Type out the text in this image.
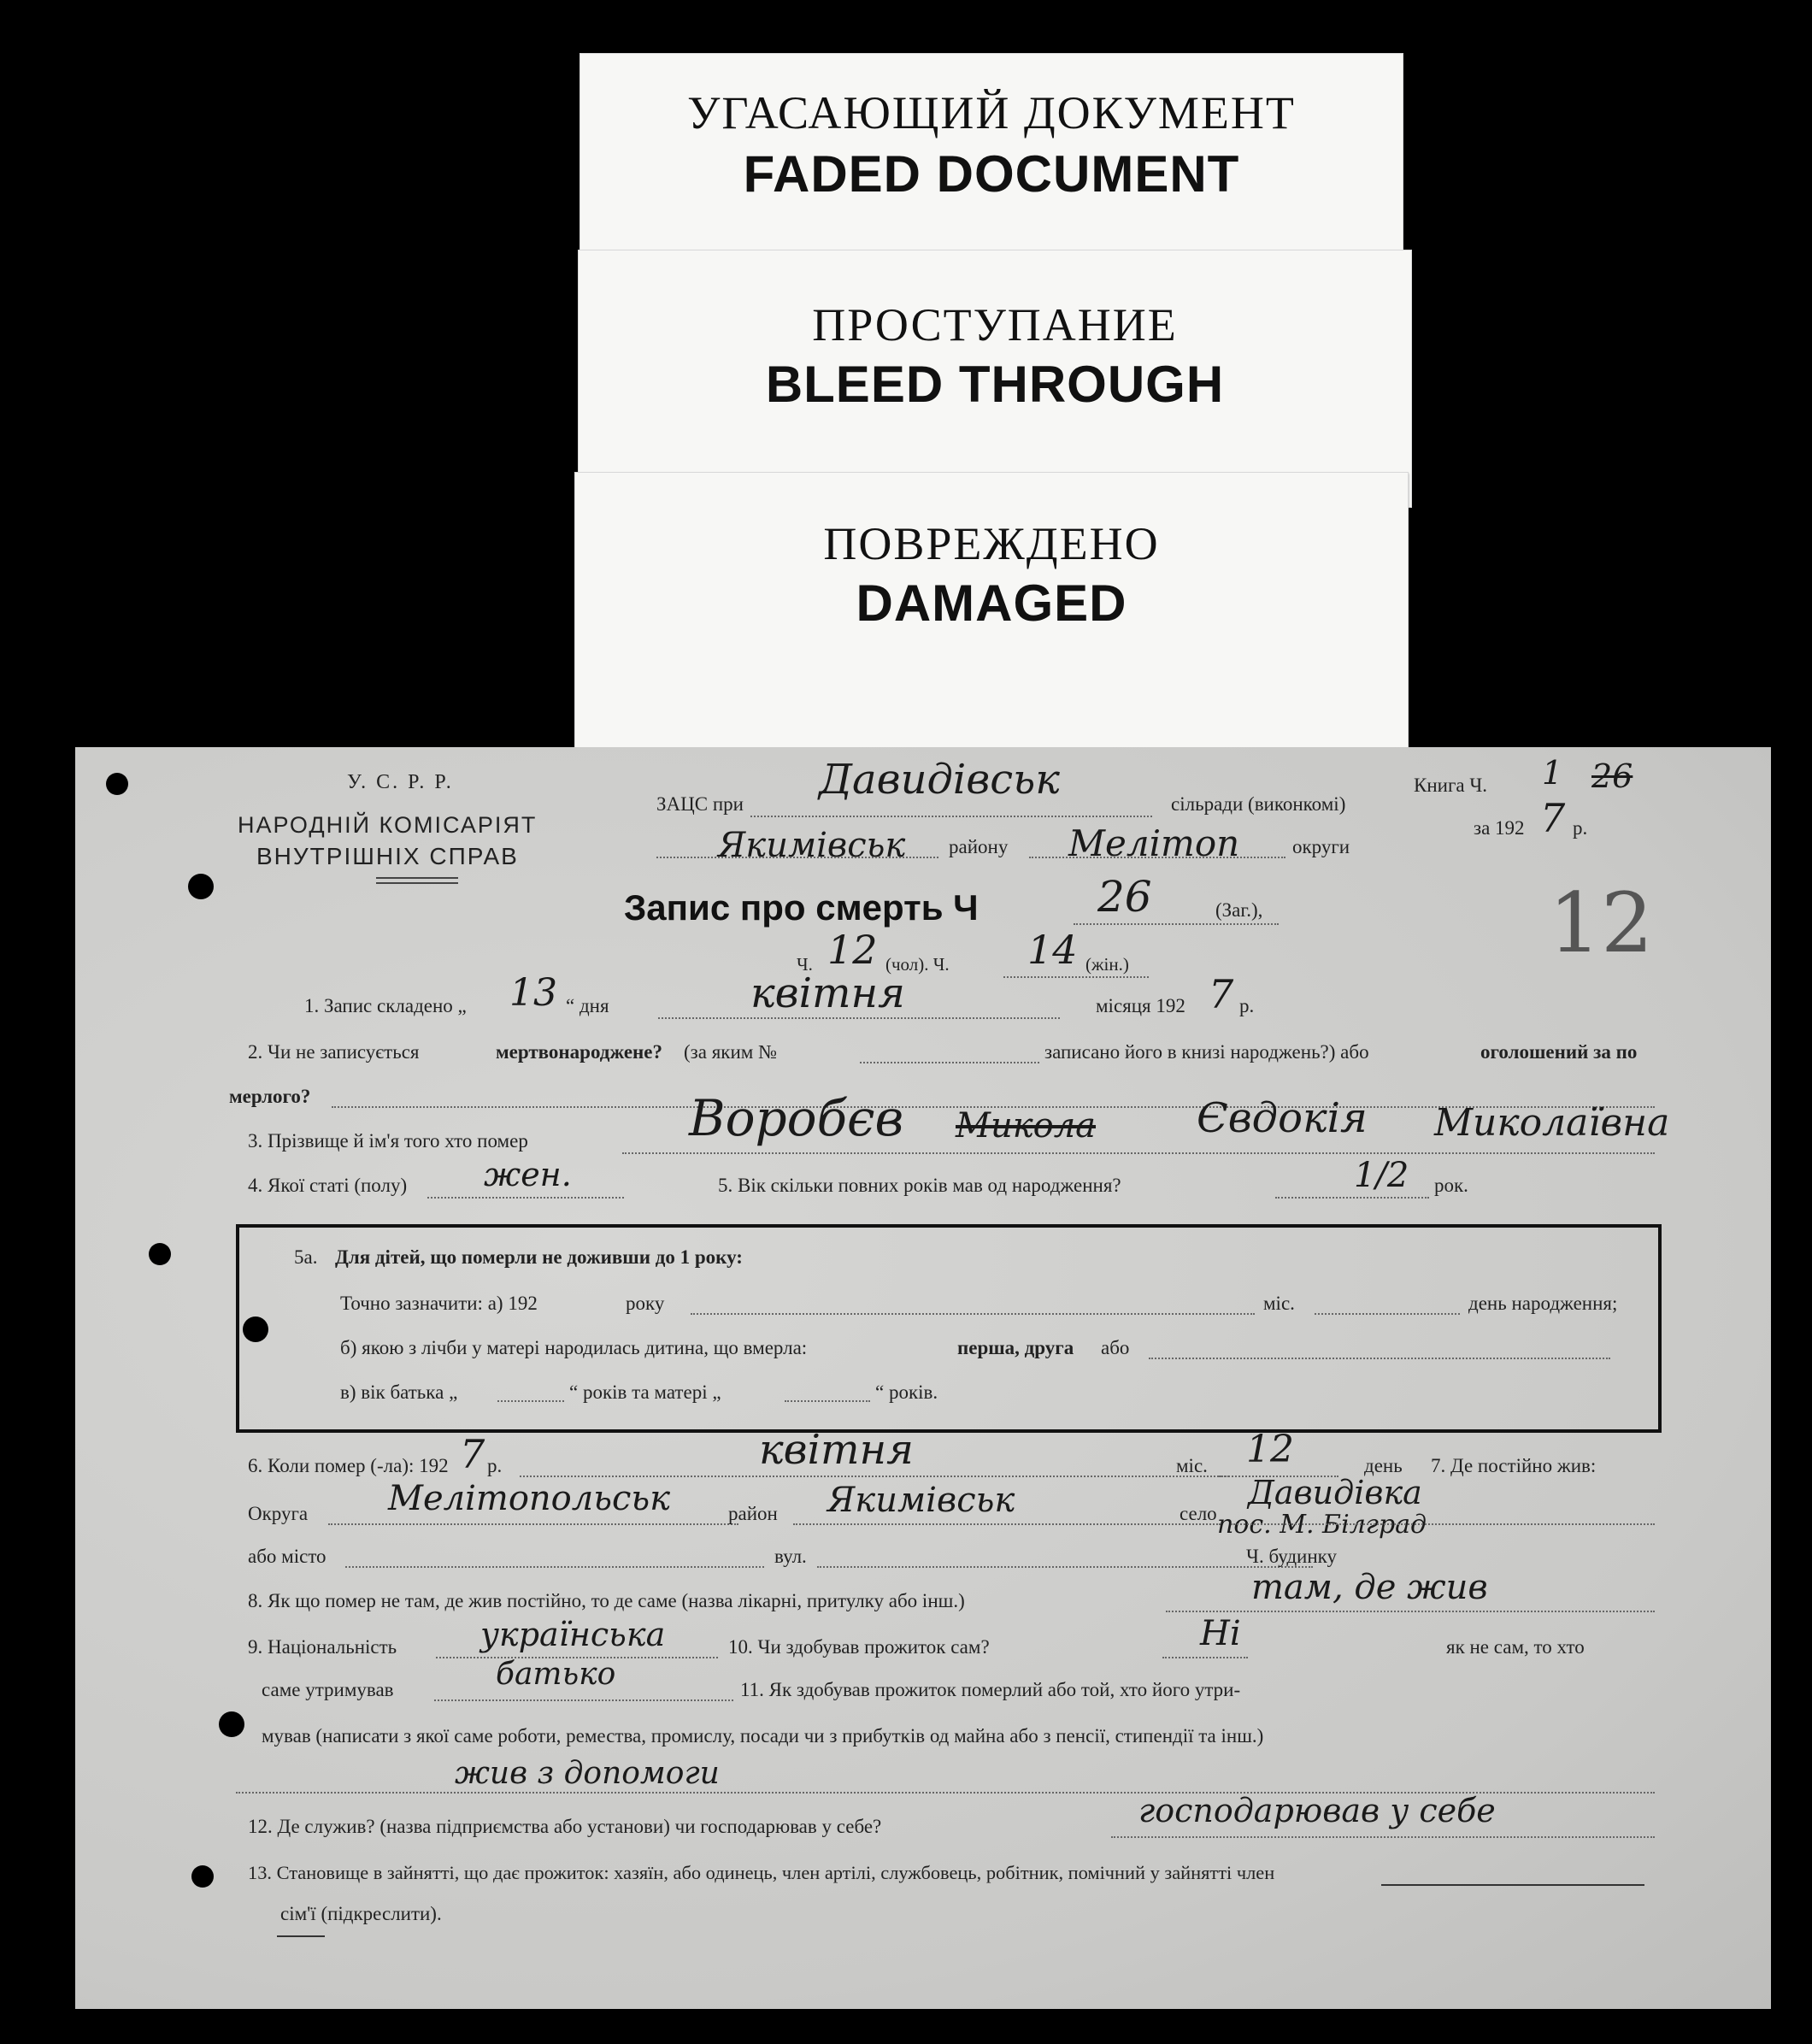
УГАСАЮЩИЙ ДОКУМЕНТ
FADED DOCUMENT
ПРОСТУПАНИЕ
BLEED THROUGH
ПОВРЕЖДЕНО
DAMAGED
У. С. Р. Р.
НАРОДНІЙ КОМІСАРІЯТ
ВНУТРІШНІХ СПРАВ
ЗАЦС при
Давидівськ
сільради (виконкомі)
Книга Ч. 1 26
Якимівськ району Мелітоп	округи
за 192 7 р.
12
Запис про смерть Ч	26	(Заг.),
Ч. 12 (чол). Ч. 14 (жін.)
1. Запис складено „ 13 “ дня	квітня	місяця 192 7 р.
2. Чи не записується	мертвонароджене? (за яким №	записано його в книзі народжень?) або	оголошений за по
мерлого?
3. Прізвище й ім'я того хто помер	Воробєв Микола Євдокія Миколаївна
4. Якої статі (полу) жен.	5. Вік скільки повних років мав од народження?	1/2 рок.
5а. Для дітей, що померли не доживши до 1 року:
Точно зазначити: а) 192	року	міс.	день народження;
б) якою з лічби у матері народилась дитина, що вмерла:	перша, друга або
в) вік батька „	“ років та матері „	“ років.
6. Коли помер (-ла): 192 7 р.	квітня	міс. 12	день 7. Де постійно жив:
Округа Мелітопольськ	район Якимівськ	село
Давидівка
пос. М. Білград
або місто	вул.	Ч. будинку
8. Як що помер не там, де жив постійно, то де саме (назва лікарні, притулку або інш.)	там, де жив
9. Національність	українська	10. Чи здобував прожиток сам?	Ні	як не сам, то хто
саме утримував	батько	11. Як здобував прожиток померлий або той, хто його утри-
мував (написати з якої саме роботи, ремества, промислу, посади чи з прибутків од майна або з пенсії, стипендії та інш.)
жив з допомоги
12. Де служив? (назва підприємства або установи) чи господарював у себе?	господарював у себе
13. Становище в зайнятті, що дає прожиток: хазяїн, або одинець, член артілі, службовець, робітник, помічний у зайнятті член
сім'ї (підкреслити).
